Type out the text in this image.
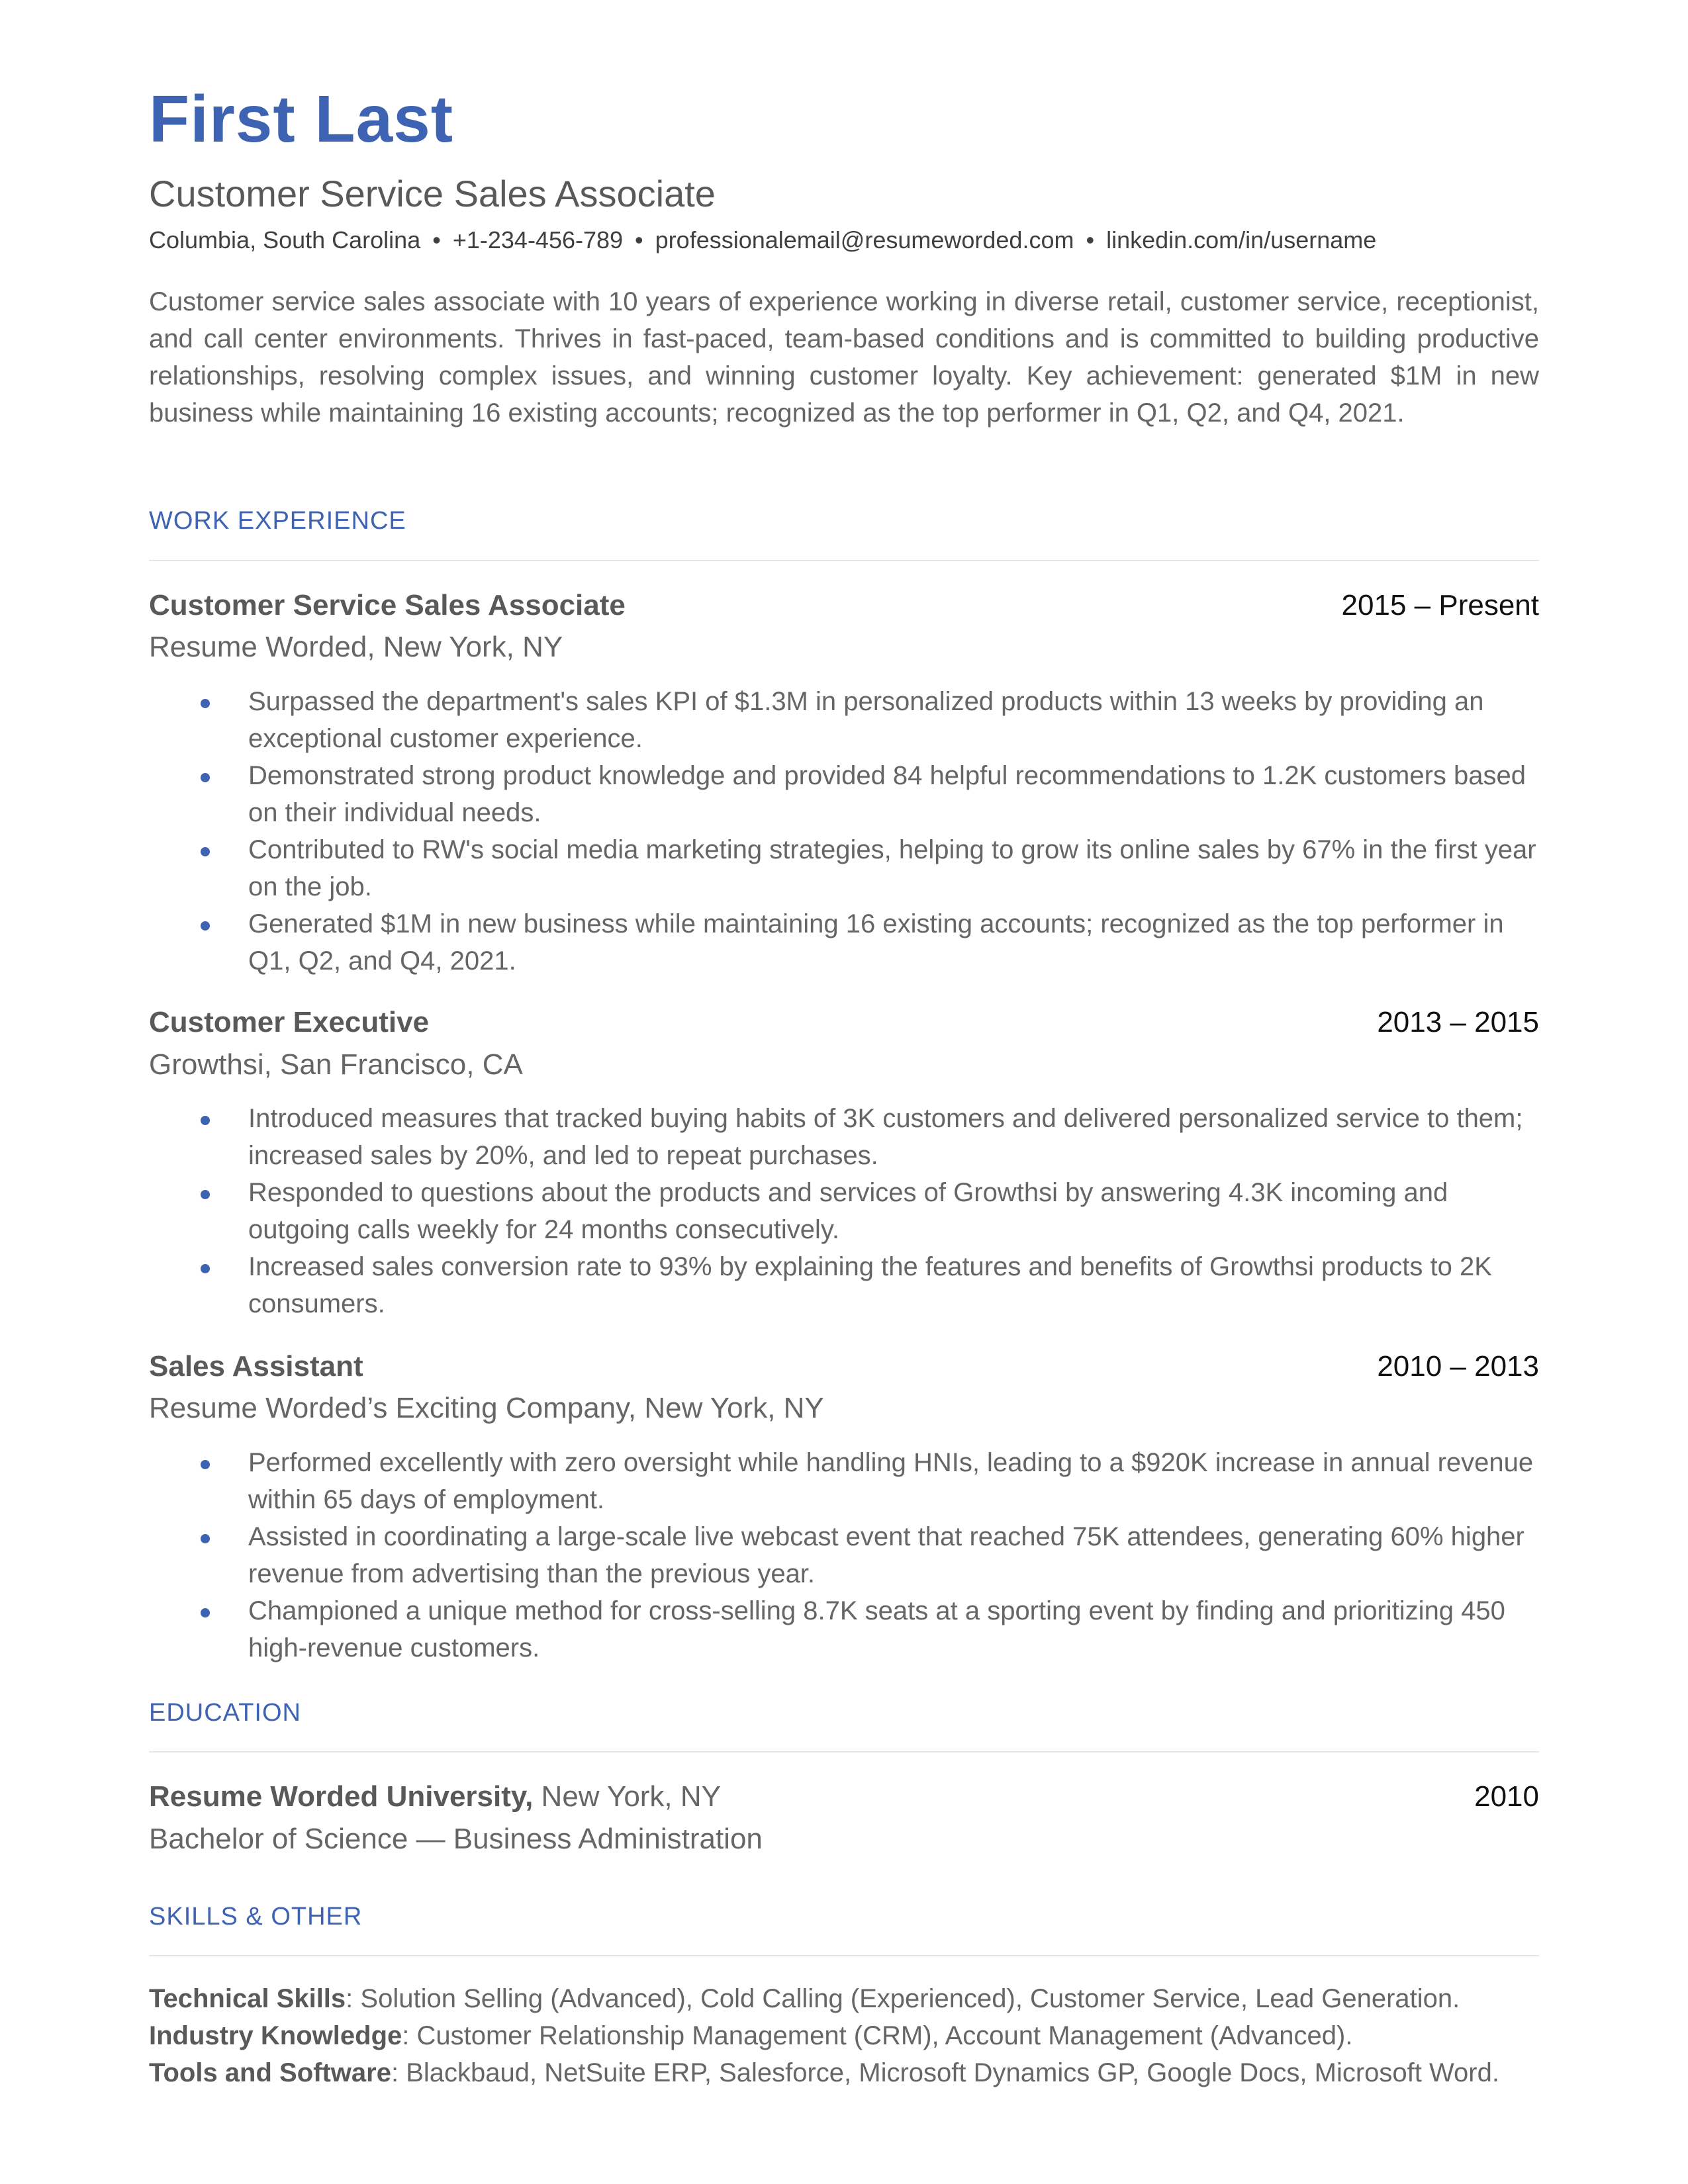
First Last
Customer Service Sales Associate
Columbia, South Carolina • +1-234-456-789 • professionalemail@resumeworded.com • linkedin.com/in/username
Customer service sales associate with 10 years of experience working in diverse retail, customer service, receptionist, and call center environments. Thrives in fast-paced, team-based conditions and is committed to building productive relationships, resolving complex issues, and winning customer loyalty. Key achievement: generated $1M in new business while maintaining 16 existing accounts; recognized as the top performer in Q1, Q2, and Q4, 2021.
WORK EXPERIENCE
Customer Service Sales Associate	2015 – Present
Resume Worded, New York, NY
Surpassed the department's sales KPI of $1.3M in personalized products within 13 weeks by providing an exceptional customer experience.
Demonstrated strong product knowledge and provided 84 helpful recommendations to 1.2K customers based on their individual needs.
Contributed to RW's social media marketing strategies, helping to grow its online sales by 67% in the first year on the job.
Generated $1M in new business while maintaining 16 existing accounts; recognized as the top performer in Q1, Q2, and Q4, 2021.
Customer Executive	2013 – 2015
Growthsi, San Francisco, CA
Introduced measures that tracked buying habits of 3K customers and delivered personalized service to them; increased sales by 20%, and led to repeat purchases.
Responded to questions about the products and services of Growthsi by answering 4.3K incoming and outgoing calls weekly for 24 months consecutively.
Increased sales conversion rate to 93% by explaining the features and benefits of Growthsi products to 2K consumers.
Sales Assistant	2010 – 2013
Resume Worded’s Exciting Company, New York, NY
Performed excellently with zero oversight while handling HNIs, leading to a $920K increase in annual revenue within 65 days of employment.
Assisted in coordinating a large-scale live webcast event that reached 75K attendees, generating 60% higher revenue from advertising than the previous year.
Championed a unique method for cross-selling 8.7K seats at a sporting event by finding and prioritizing 450 high-revenue customers.
EDUCATION
Resume Worded University, New York, NY	2010
Bachelor of Science — Business Administration
SKILLS & OTHER
Technical Skills: Solution Selling (Advanced), Cold Calling (Experienced), Customer Service, Lead Generation.
Industry Knowledge: Customer Relationship Management (CRM), Account Management (Advanced).
Tools and Software: Blackbaud, NetSuite ERP, Salesforce, Microsoft Dynamics GP, Google Docs, Microsoft Word.
